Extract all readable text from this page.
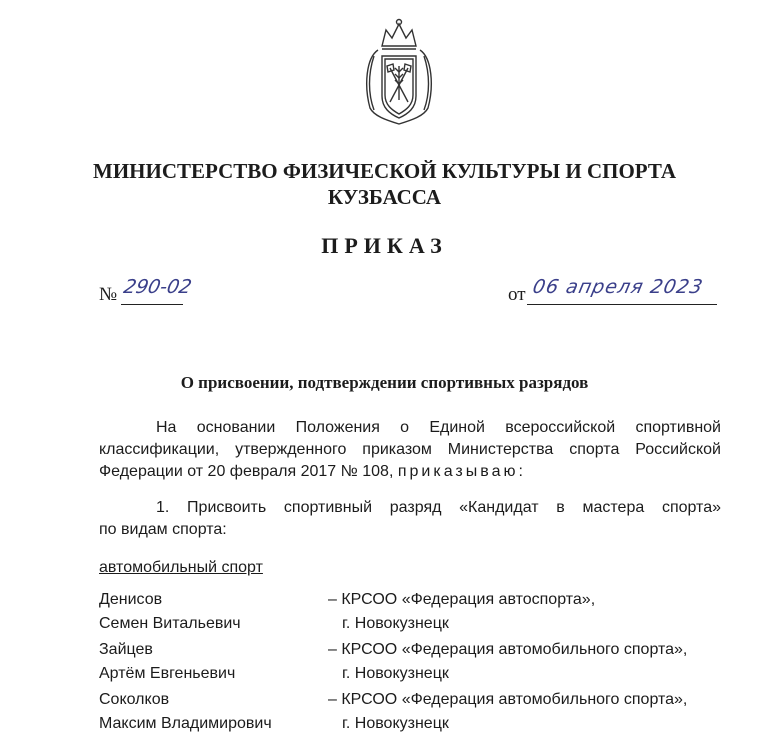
МИНИСТЕРСТВО ФИЗИЧЕСКОЙ КУЛЬТУРЫ И СПОРТА
КУЗБАССА
ПРИКАЗ
№ 290-02	от 06 апреля 2023
О присвоении, подтверждении спортивных разрядов
На основании Положения о Единой всероссийской спортивной
классификации, утвержденного приказом Министерства спорта Российской
Федерации от 20 февраля 2017 № 108, приказываю:
1. Присвоить спортивный разряд «Кандидат в мастера спорта»
по видам спорта:
автомобильный спорт
Денисов
Семен Витальевич
– КРСОО «Федерация автоспорта»,
г. Новокузнецк
Зайцев
Артём Евгеньевич
– КРСОО «Федерация автомобильного спорта»,
г. Новокузнецк
Соколков
Максим Владимирович
– КРСОО «Федерация автомобильного спорта»,
г. Новокузнецк
